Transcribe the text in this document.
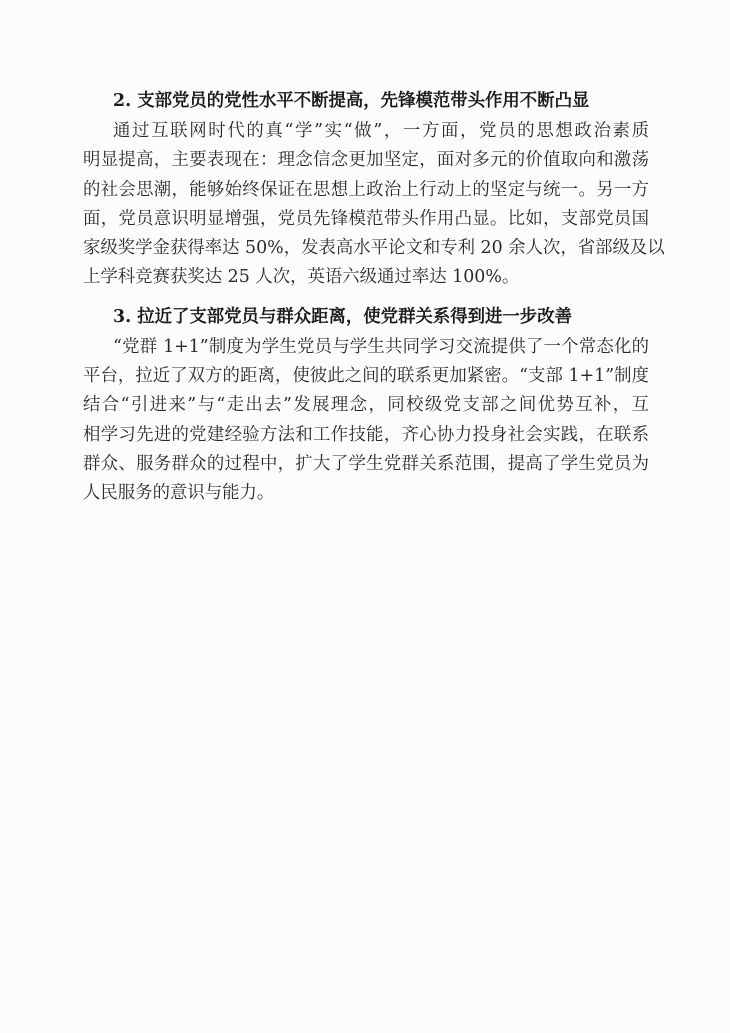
2. 支部党员的党性水平不断提高，先锋模范带头作用不断凸显
通过互联网时代的真“学”实“做”，一方面，党员的思想政治素质
明显提高，主要表现在：理念信念更加坚定，面对多元的价值取向和激荡
的社会思潮，能够始终保证在思想上政治上行动上的坚定与统一。另一方
面，党员意识明显增强，党员先锋模范带头作用凸显。比如，支部党员国
家级奖学金获得率达 50%，发表高水平论文和专利 20 余人次，省部级及以
上学科竞赛获奖达 25 人次，英语六级通过率达 100%。
3. 拉近了支部党员与群众距离，使党群关系得到进一步改善
“党群 1+1”制度为学生党员与学生共同学习交流提供了一个常态化的
平台，拉近了双方的距离，使彼此之间的联系更加紧密。“支部 1+1”制度
结合“引进来”与“走出去”发展理念，同校级党支部之间优势互补，互
相学习先进的党建经验方法和工作技能，齐心协力投身社会实践，在联系
群众、服务群众的过程中，扩大了学生党群关系范围，提高了学生党员为
人民服务的意识与能力。
